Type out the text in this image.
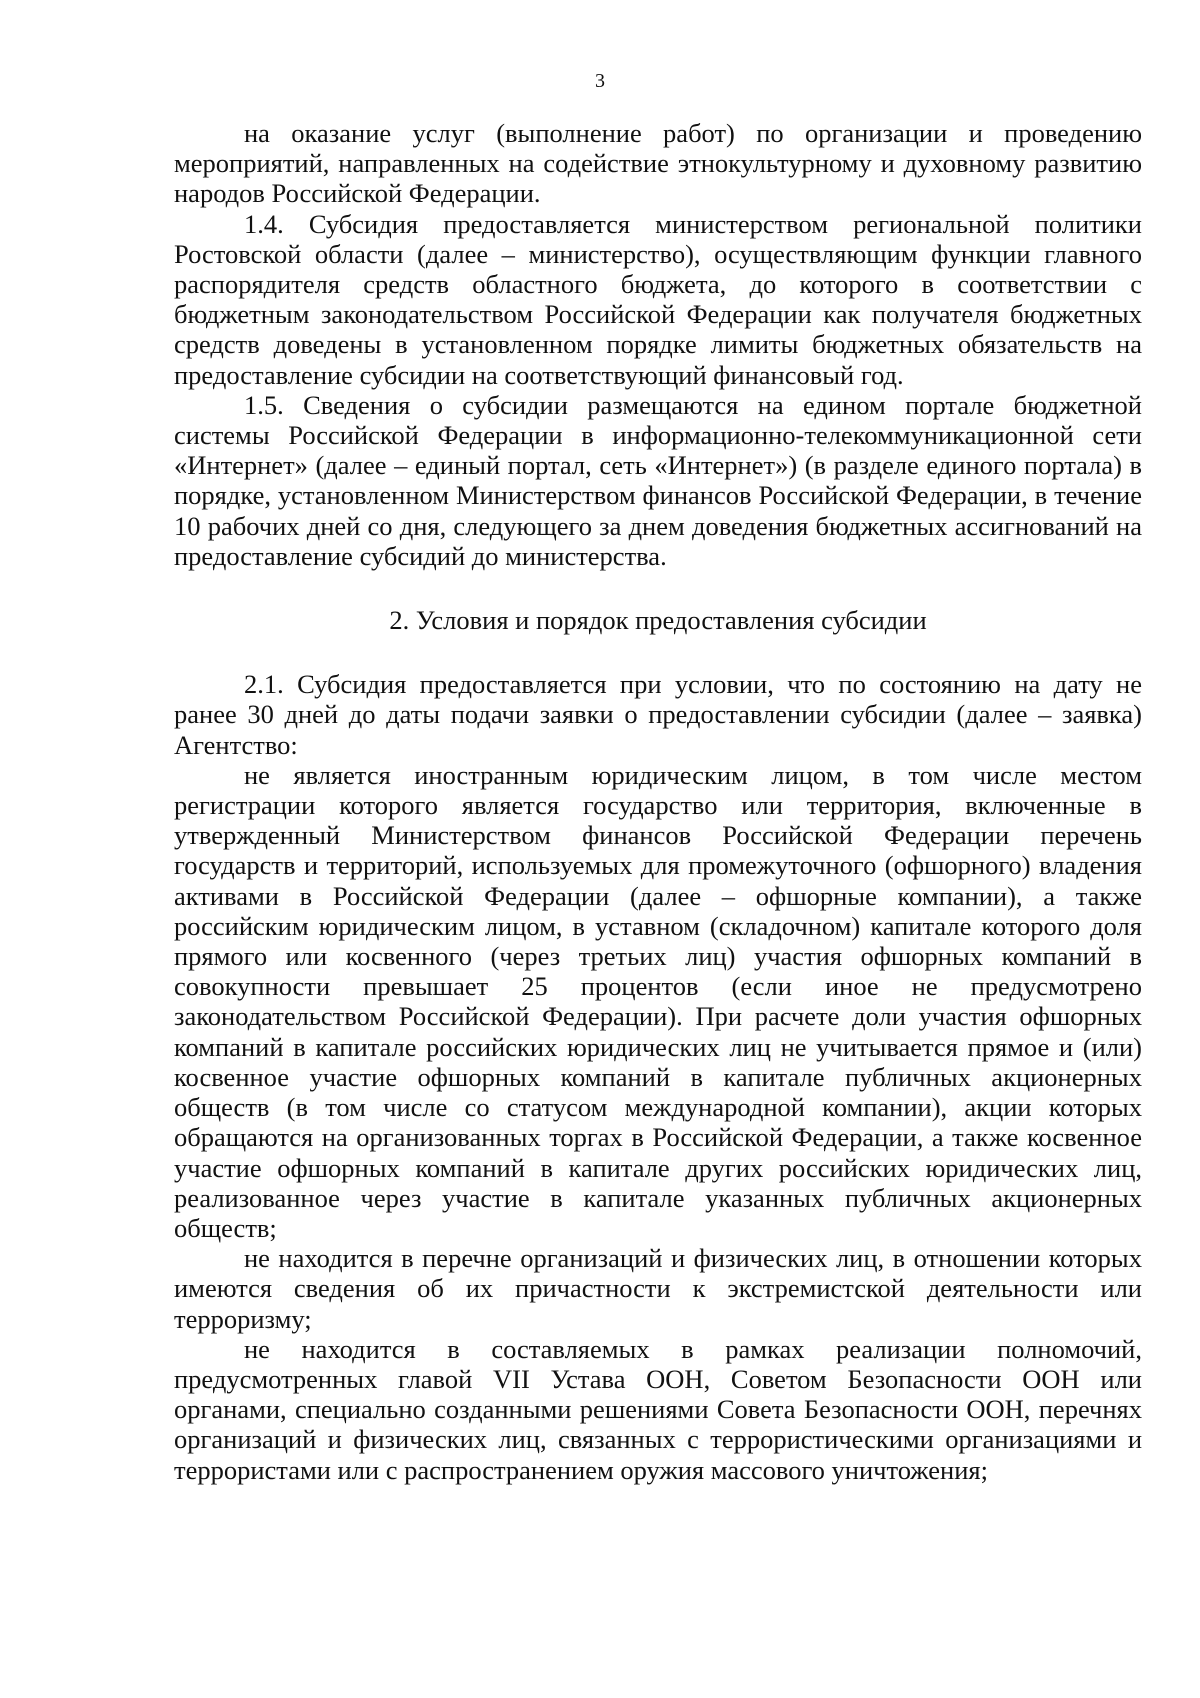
3

на оказание услуг (выполнение работ) по организации и проведению мероприятий, направленных на содействие этнокультурному и духовному развитию народов Российской Федерации.

1.4. Субсидия предоставляется министерством региональной политики Ростовской области (далее – министерство), осуществляющим функции главного распорядителя средств областного бюджета, до которого в соответствии с бюджетным законодательством Российской Федерации как получателя бюджетных средств доведены в установленном порядке лимиты бюджетных обязательств на предоставление субсидии на соответствующий финансовый год.

1.5. Сведения о субсидии размещаются на едином портале бюджетной системы Российской Федерации в информационно-телекоммуникационной сети «Интернет» (далее – единый портал, сеть «Интернет») (в разделе единого портала) в порядке, установленном Министерством финансов Российской Федерации, в течение 10 рабочих дней со дня, следующего за днем доведения бюджетных ассигнований на предоставление субсидий до министерства.

2. Условия и порядок предоставления субсидии

2.1. Субсидия предоставляется при условии, что по состоянию на дату не ранее 30 дней до даты подачи заявки о предоставлении субсидии (далее – заявка) Агентство:

не является иностранным юридическим лицом, в том числе местом регистрации которого является государство или территория, включенные в утвержденный Министерством финансов Российской Федерации перечень государств и территорий, используемых для промежуточного (офшорного) владения активами в Российской Федерации (далее – офшорные компании), а также российским юридическим лицом, в уставном (складочном) капитале которого доля прямого или косвенного (через третьих лиц) участия офшорных компаний в совокупности превышает 25 процентов (если иное не предусмотрено законодательством Российской Федерации). При расчете доли участия офшорных компаний в капитале российских юридических лиц не учитывается прямое и (или) косвенное участие офшорных компаний в капитале публичных акционерных обществ (в том числе со статусом международной компании), акции которых обращаются на организованных торгах в Российской Федерации, а также косвенное участие офшорных компаний в капитале других российских юридических лиц, реализованное через участие в капитале указанных публичных акционерных обществ;

не находится в перечне организаций и физических лиц, в отношении которых имеются сведения об их причастности к экстремистской деятельности или терроризму;

не находится в составляемых в рамках реализации полномочий, предусмотренных главой VII Устава ООН, Советом Безопасности ООН или органами, специально созданными решениями Совета Безопасности ООН, перечнях организаций и физических лиц, связанных с террористическими организациями и террористами или с распространением оружия массового уничтожения;
